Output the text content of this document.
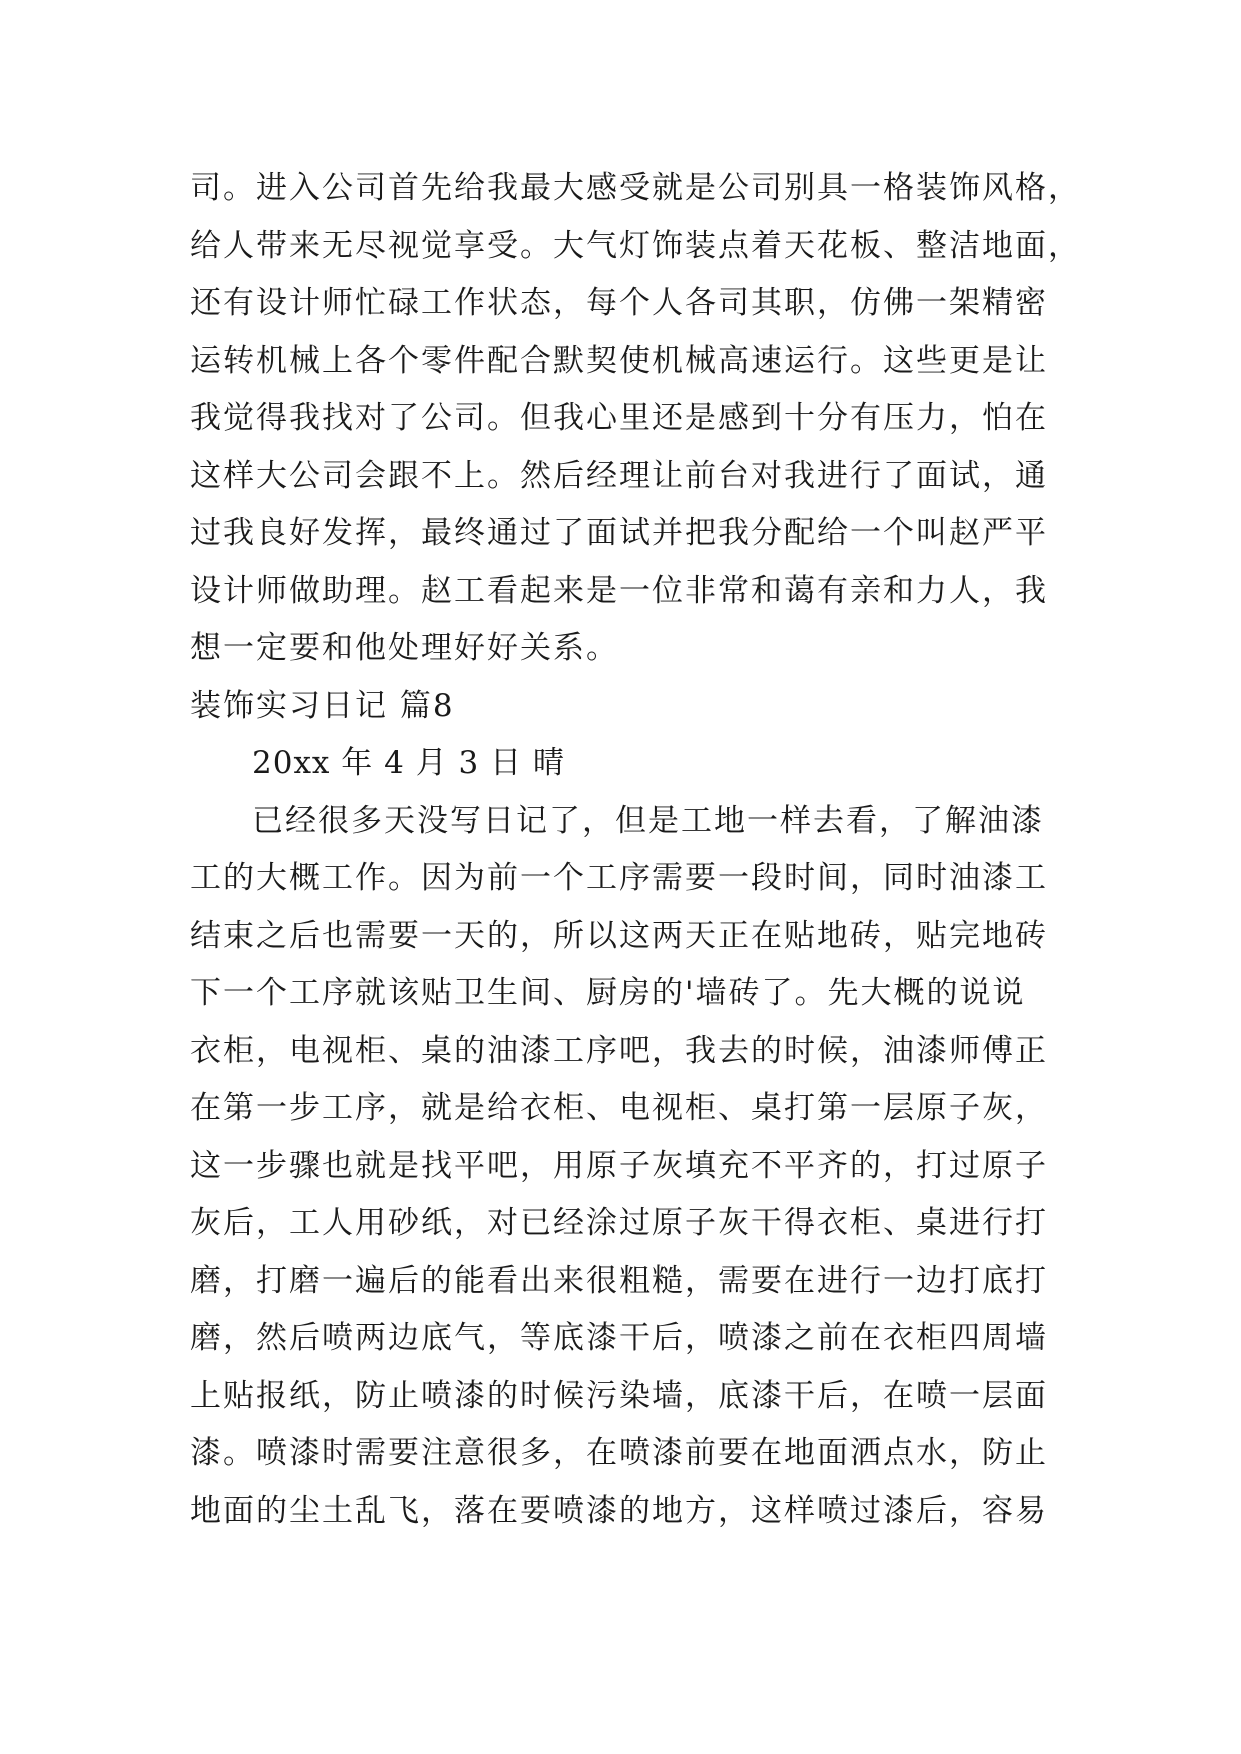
司。进入公司首先给我最大感受就是公司别具一格装饰风格，
给人带来无尽视觉享受。大气灯饰装点着天花板、整洁地面，
还有设计师忙碌工作状态，每个人各司其职，仿佛一架精密
运转机械上各个零件配合默契使机械高速运行。这些更是让
我觉得我找对了公司。但我心里还是感到十分有压力，怕在
这样大公司会跟不上。然后经理让前台对我进行了面试，通
过我良好发挥，最终通过了面试并把我分配给一个叫赵严平
设计师做助理。赵工看起来是一位非常和蔼有亲和力人，我
想一定要和他处理好好关系。
装饰实习日记 篇8
20xx 年 4 月 3 日 晴
已经很多天没写日记了，但是工地一样去看，了解油漆
工的大概工作。因为前一个工序需要一段时间，同时油漆工
结束之后也需要一天的，所以这两天正在贴地砖，贴完地砖
下一个工序就该贴卫生间、厨房的'墙砖了。先大概的说说
衣柜，电视柜、桌的油漆工序吧，我去的时候，油漆师傅正
在第一步工序，就是给衣柜、电视柜、桌打第一层原子灰，
这一步骤也就是找平吧，用原子灰填充不平齐的，打过原子
灰后，工人用砂纸，对已经涂过原子灰干得衣柜、桌进行打
磨，打磨一遍后的能看出来很粗糙，需要在进行一边打底打
磨，然后喷两边底气，等底漆干后，喷漆之前在衣柜四周墙
上贴报纸，防止喷漆的时候污染墙，底漆干后，在喷一层面
漆。喷漆时需要注意很多，在喷漆前要在地面洒点水，防止
地面的尘土乱飞，落在要喷漆的地方，这样喷过漆后，容易
